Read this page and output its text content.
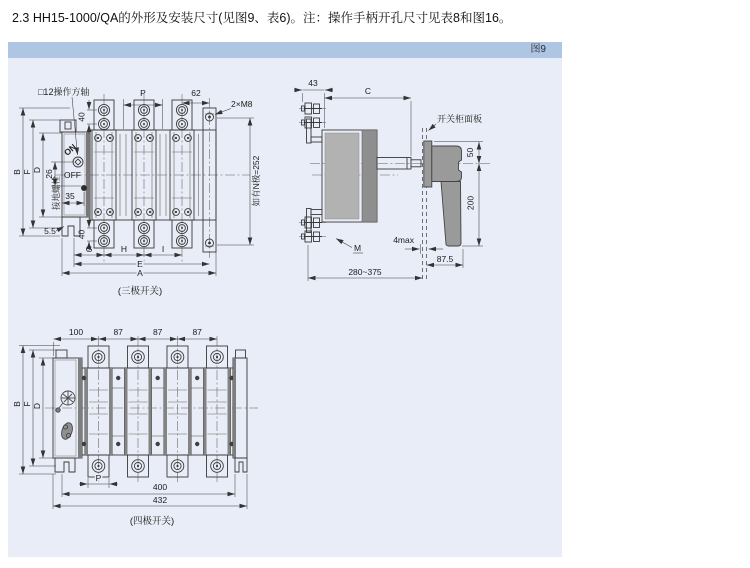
2.3 HH15-1000/QA的外形及安装尺寸(见图9、表6)。注：操作手柄开孔尺寸见表8和图16。
图9
ON
OFF
□12操作方轴	P	62
2×M8
如有N极=252
B F D 26
35
接地螺栓
40
40
5.5
G	H	I
E
A
(三极开关)
43
C
开关柜面板
50
200
4max
M
87.5
280~375
100	87	87	87
B F D
P
400
432
(四极开关)
